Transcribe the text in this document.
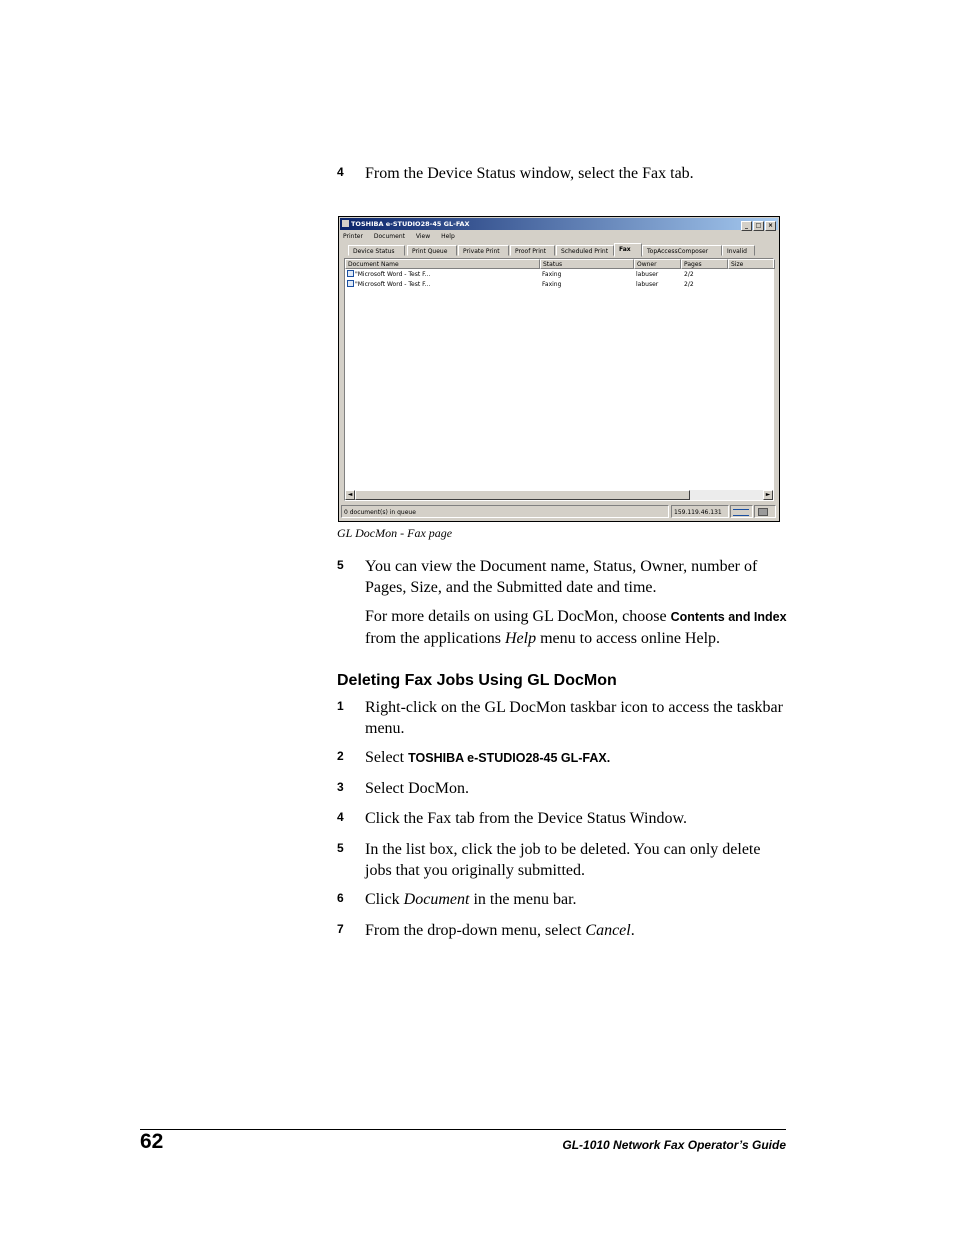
4 From the Device Status window, select the Fax tab.
TOSHIBA e-STUDIO28-45 GL-FAX	_ □ ×
Printer Document View Help
Device Status	Print Queue	Private Print	Proof Print	Scheduled Print	Fax	TopAccessComposer	Invalid
Document Name	Status	Owner	Pages	Size
"Microsoft Word - Test F...	Faxing	labuser	2/2
"Microsoft Word - Test F...	Faxing	labuser	2/2
◄	►
0 document(s) in queue	159.119.46.131
GL DocMon - Fax page
5 You can view the Document name, Status, Owner, number of Pages, Size, and the Submitted date and time.
For more details on using GL DocMon, choose Contents and Index from the applications Help menu to access online Help.
Deleting Fax Jobs Using GL DocMon
1 Right-click on the GL DocMon taskbar icon to access the taskbar menu.
2 Select TOSHIBA e-STUDIO28-45 GL-FAX.
3 Select DocMon.
4 Click the Fax tab from the Device Status Window.
5 In the list box, click the job to be deleted. You can only delete jobs that you originally submitted.
6 Click Document in the menu bar.
7 From the drop-down menu, select Cancel.
62	GL-1010 Network Fax Operator’s Guide
